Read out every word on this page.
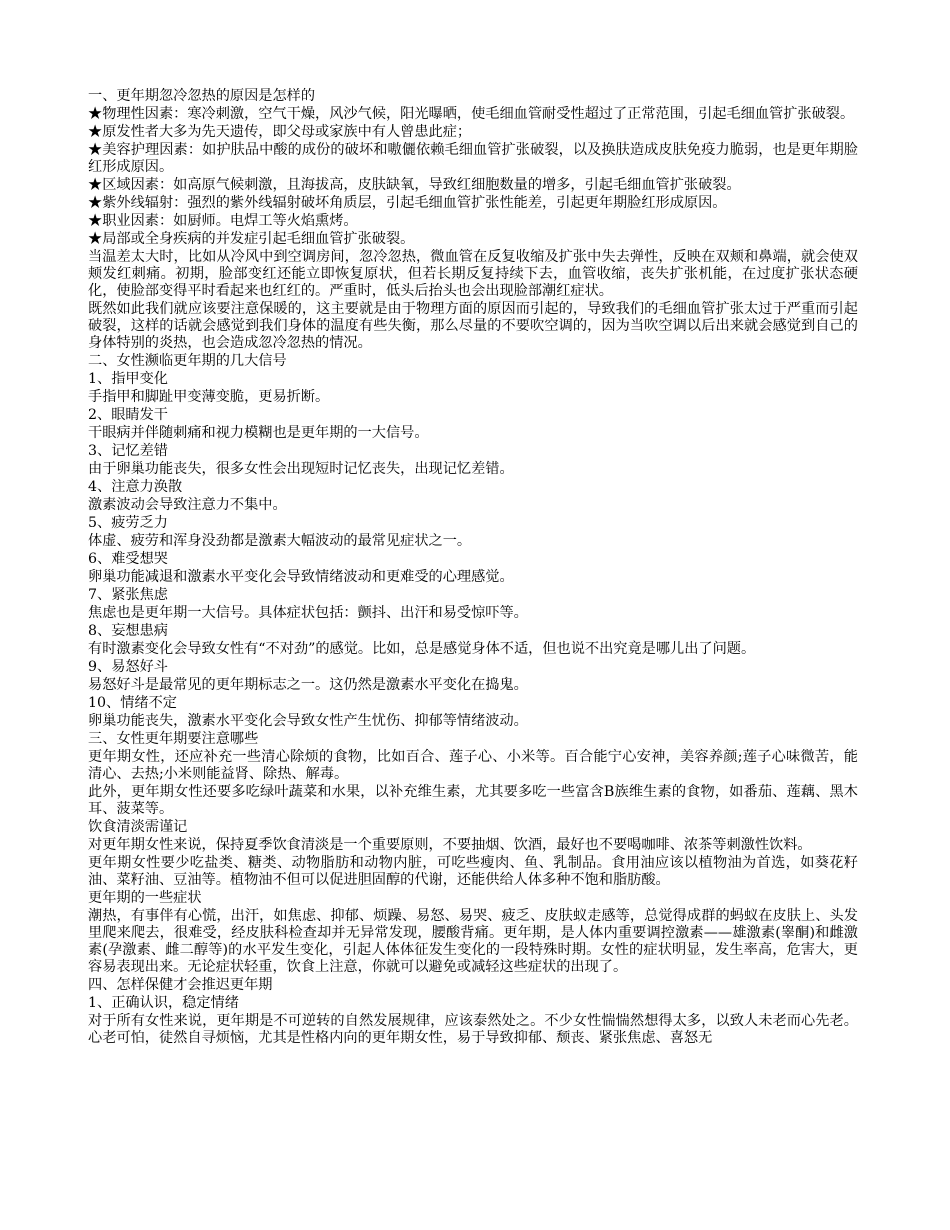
一、更年期忽冷忽热的原因是怎样的

★物理性因素：寒冷刺激，空气干燥，风沙气候，阳光曝晒，使毛细血管耐受性超过了正常范围，引起毛细血管扩张破裂。

★原发性者大多为先天遗传，即父母或家族中有人曾患此症；

★美容护理因素：如护肤品中酸的成份的破坏和嗷儷依赖毛细血管扩张破裂，以及换肤造成皮肤免疫力脆弱，也是更年期脸红形成原因。

★区域因素：如高原气候刺激，且海拔高，皮肤缺氧，导致红细胞数量的增多，引起毛细血管扩张破裂。

★紫外线辐射：强烈的紫外线辐射破坏角质层，引起毛细血管扩张性能差，引起更年期脸红形成原因。

★职业因素：如厨师。电焊工等火焰熏烤。

★局部或全身疾病的并发症引起毛细血管扩张破裂。

当温差太大时，比如从冷风中到空调房间，忽冷忽热，微血管在反复收缩及扩张中失去弹性，反映在双颊和鼻端，就会使双颊发红刺痛。初期，脸部变红还能立即恢复原状，但若长期反复持续下去，血管收缩，丧失扩张机能，在过度扩张状态硬化，使脸部变得平时看起来也红红的。严重时，低头后抬头也会出现脸部潮红症状。

既然如此我们就应该要注意保暖的，这主要就是由于物理方面的原因而引起的，导致我们的毛细血管扩张太过于严重而引起破裂，这样的话就会感觉到我们身体的温度有些失衡，那么尽量的不要吹空调的，因为当吹空调以后出来就会感觉到自己的身体特别的炎热，也会造成忽冷忽热的情况。

二、女性濒临更年期的几大信号

1、指甲变化

手指甲和脚趾甲变薄变脆，更易折断。

2、眼睛发干

干眼病并伴随刺痛和视力模糊也是更年期的一大信号。

3、记忆差错

由于卵巢功能丧失，很多女性会出现短时记忆丧失，出现记忆差错。

4、注意力涣散

激素波动会导致注意力不集中。

5、疲劳乏力

体虚、疲劳和浑身没劲都是激素大幅波动的最常见症状之一。

6、难受想哭

卵巢功能减退和激素水平变化会导致情绪波动和更难受的心理感觉。

7、紧张焦虑

焦虑也是更年期一大信号。具体症状包括：颤抖、出汗和易受惊吓等。

8、妄想患病

有时激素变化会导致女性有“不对劲”的感觉。比如，总是感觉身体不适，但也说不出究竟是哪儿出了问题。

9、易怒好斗

易怒好斗是最常见的更年期标志之一。这仍然是激素水平变化在捣鬼。

10、情绪不定

卵巢功能丧失，激素水平变化会导致女性产生忧伤、抑郁等情绪波动。

三、女性更年期要注意哪些

更年期女性，还应补充一些清心除烦的食物，比如百合、莲子心、小米等。百合能宁心安神，美容养颜;莲子心味微苦，能清心、去热;小米则能益肾、除热、解毒。

此外，更年期女性还要多吃绿叶蔬菜和水果，以补充维生素，尤其要多吃一些富含B族维生素的食物，如番茄、莲藕、黑木耳、菠菜等。

饮食清淡需谨记

对更年期女性来说，保持夏季饮食清淡是一个重要原则，不要抽烟、饮酒，最好也不要喝咖啡、浓茶等刺激性饮料。

更年期女性要少吃盐类、糖类、动物脂肪和动物内脏，可吃些瘦肉、鱼、乳制品。食用油应该以植物油为首选，如葵花籽油、菜籽油、豆油等。植物油不但可以促进胆固醇的代谢，还能供给人体多种不饱和脂肪酸。

更年期的一些症状

潮热，有事伴有心慌，出汗，如焦虑、抑郁、烦躁、易怒、易哭、疲乏、皮肤蚁走感等，总觉得成群的蚂蚁在皮肤上、头发里爬来爬去，很难受，经皮肤科检查却并无异常发现，腰酸背痛。更年期，是人体内重要调控激素——雄激素(睾酮)和雌激素(孕激素、雌二醇等)的水平发生变化，引起人体体征发生变化的一段特殊时期。女性的症状明显，发生率高，危害大，更容易表现出来。无论症状轻重，饮食上注意，你就可以避免或减轻这些症状的出现了。

四、怎样保健才会推迟更年期

1、正确认识，稳定情绪

对于所有女性来说，更年期是不可逆转的自然发展规律，应该泰然处之。不少女性惴惴然想得太多，以致人未老而心先老。心老可怕，徒然自寻烦恼，尤其是性格内向的更年期女性，易于导致抑郁、颓丧、紧张焦虑、喜怒无
